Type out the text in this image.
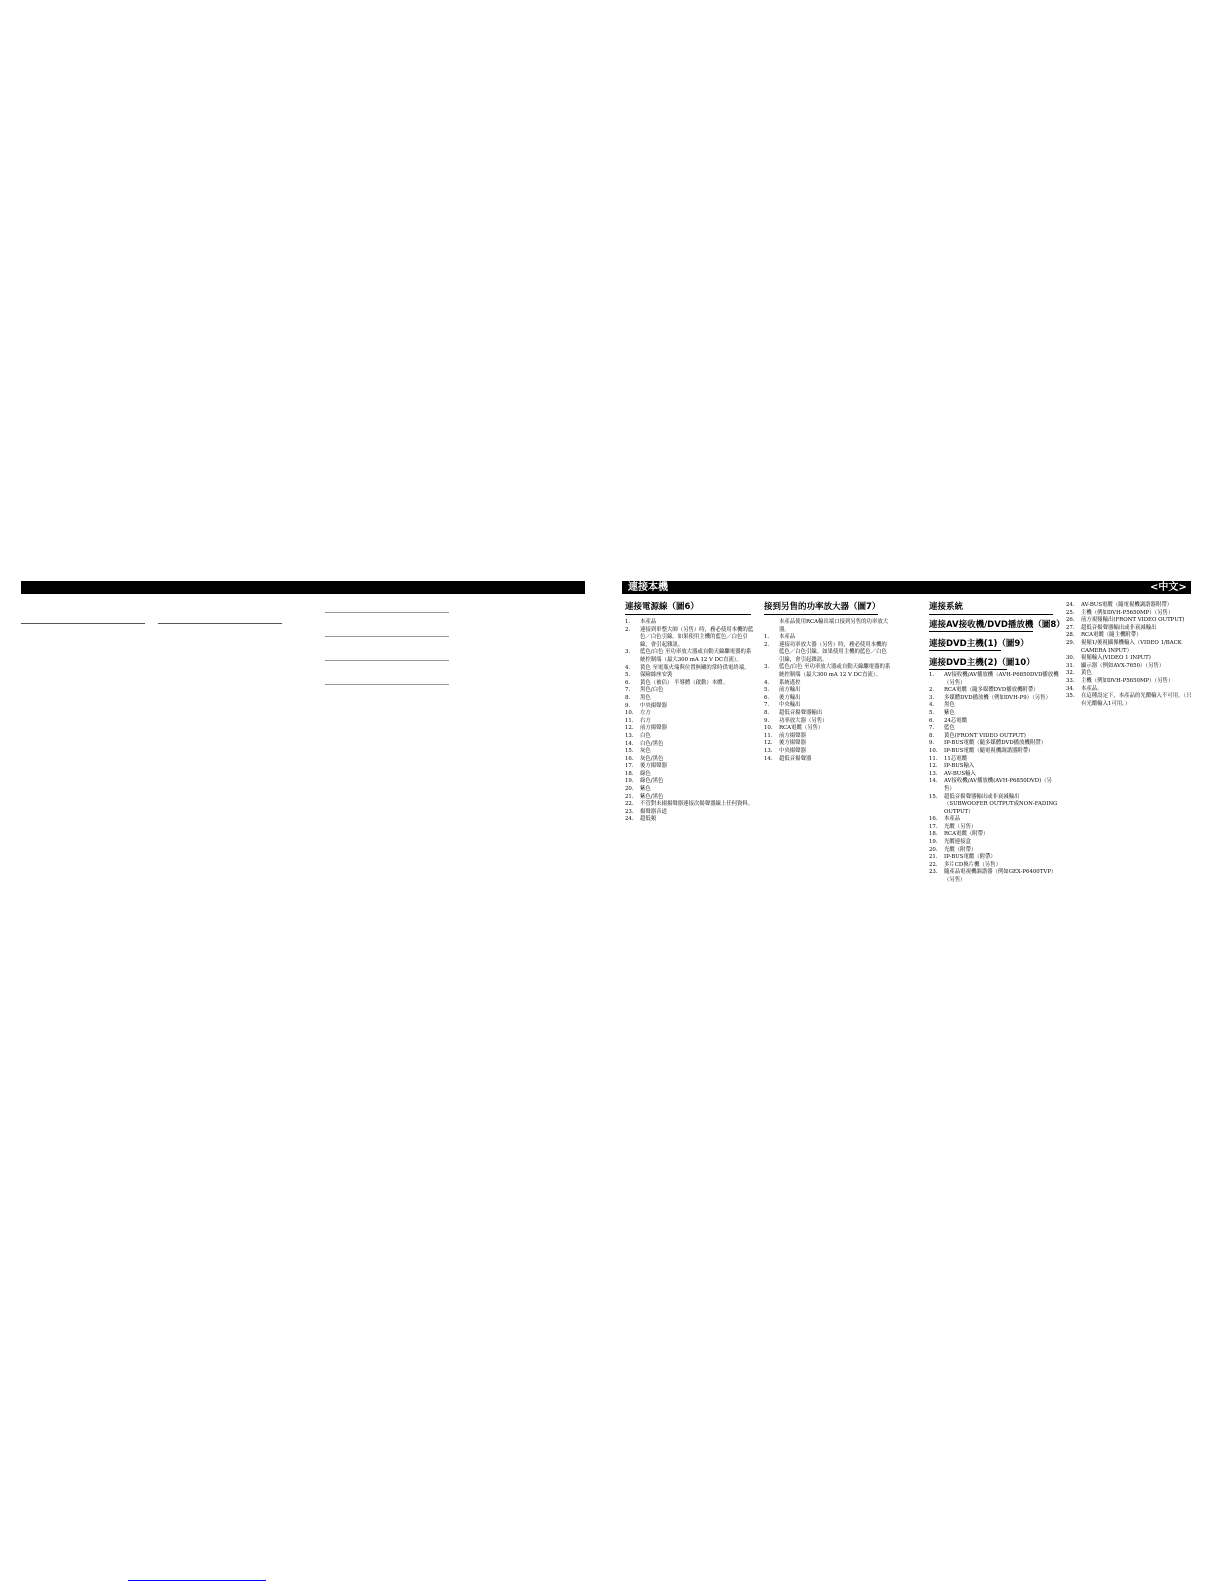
連接本機	<中文>
連接電源線（圖6）
1. 本產品
2. 連接到車整大師（另售）時，務必使用本機的藍色／白色引線。如果使用主機的藍色／白色引線，會引起雜訊。
3. 藍色/白色 至功率放大器或自動天線繼電器的系統控制端（最大300 mA 12 V DC直流）。
4. 黃色 至電瓶火端與位置無關的常時供電終端。
5. 保險絲座安裝
6. 黃色（被佔） 半導體（啟動）本體。
7. 黑色/白色
8. 黑色
9. 中央揚聲器
10. 左方
11. 右方
12. 前方揚聲器
13. 白色
14. 白色/黑色
15. 灰色
16. 灰色/黑色
17. 後方揚聲器
18. 綠色
19. 綠色/黑色
20. 紫色
21. 紫色/黑色
22. 不管對未揚揚聲器連接次揚聲器線上任何資料。
23. 揚聲器音道
24. 超低頻
接到另售的功率放大器（圖7）
本產品使用RCA輸出端口接到另售的功率放大器。
1. 本產品
2. 連接功率放大器（另售）時，務必使用本機的藍色／白色引線。如果使用主機的藍色／白色引線，會引起雜訊。
3. 藍色/白色 至功率放大器或自動天線繼電器的系統控制端（最大300 mA 12 V DC直流）。
4. 系統遙控
5. 前方輸出
6. 後方輸出
7. 中央輸出
8. 超低音揚聲器輸出
9. 功率放大器（另售）
10. RCA電纜（另售）
11. 前方揚聲器
12. 後方揚聲器
13. 中央揚聲器
14. 超低音揚聲器
連接系統
連接AV接收機/DVD播放機（圖8）
連接DVD主機(1)（圖9）
連接DVD主機(2)（圖10）
1. AV接收機/AV播放機（AVH-P6850DVD播放機（另售）
2. RCA電纜（隨多媒體DVD播放機附帶）
3. 多媒體DVD播放機（例如DVH-P9）（另售）
4. 黑色
5. 紫色
6. 24芯電纜
7. 藍色
8. 黃色(FRONT VIDEO OUTPUT)
9. IP-BUS電纜（隨多媒體DVD播放機附帶）
10. IP-BUS電纜（隨電視機調諧器附帶）
11. 11芯電纜
12. IP-BUS輸入
13. AV-BUS輸入
14. AV接收機/AV播放機(AVH-P6850DVD)（另售）
15. 超低音揚聲器輸出或非衰減輸出（SUBWOOFER OUTPUT或NON-FADING OUTPUT）
16. 本產品
17. 光纜（另售）
18. RCA電纜（附帶）
19. 光纜連接盒
20. 光纜（附帶）
21. IP-BUS電纜（附帶）
22. 多片CD換片機（另售）
23. 隨產品電視機調諧器（例如GEX-P6400TVP）（另售）
24. AV-BUS電纜（隨電視機調諧器附帶）
25. 主機（例如DVH-P5650MP）（另售）
26. 前方視頻輸出(FRONT VIDEO OUTPUT)
27. 超低音揚聲器輸出或非衰減輸出
28. RCA電纜（隨主機附帶）
29. 視頻1/後視攝像機輸入（VIDEO 1/BACK CAMERA INPUT）
30. 視頻輸入(VIDEO 1 INPUT)
31. 顯示器（例如AVX-7650）（另售）
32. 黃色
33. 主機（例如DVH-P5650MP）（另售）
34. 本產品。
35. 在這種設定下，本產品的光纜輸入不可用。（只有光纜輸入1可用。）
